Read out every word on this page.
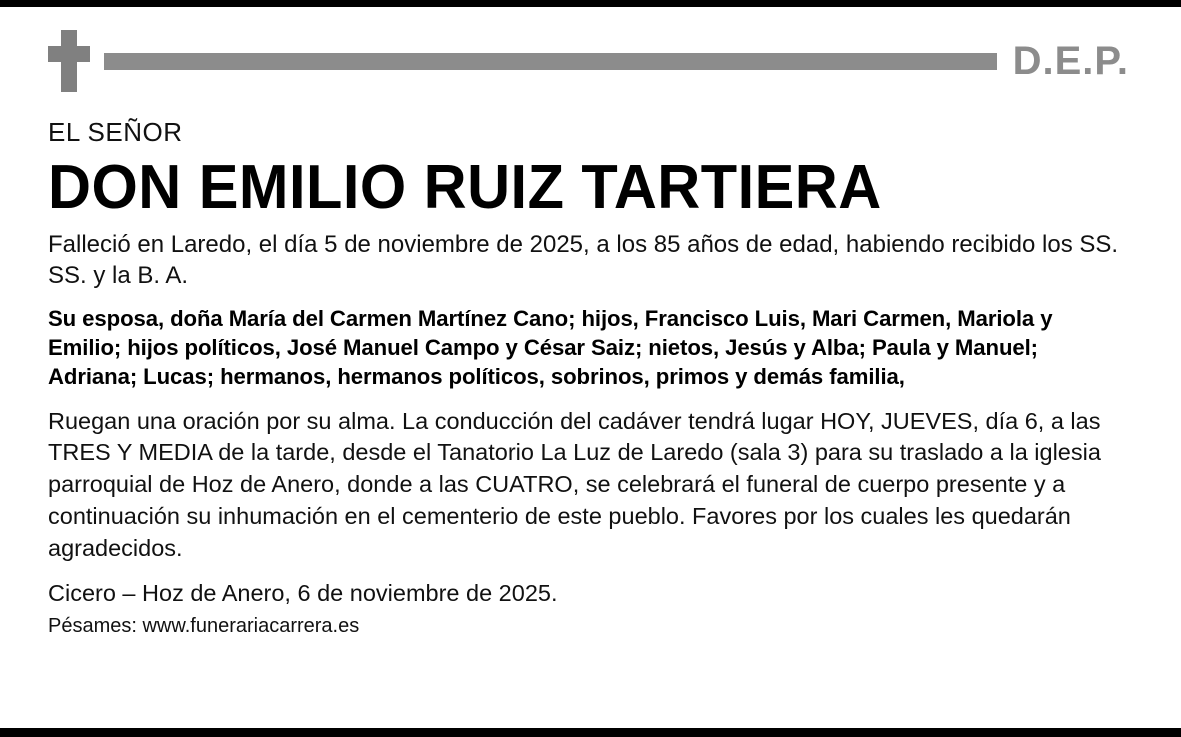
D.E.P.
EL SEÑOR
DON EMILIO RUIZ TARTIERA
Falleció en Laredo, el día 5 de noviembre de 2025, a los 85 años de edad, habiendo recibido los SS. SS. y la B. A.
Su esposa, doña María del Carmen Martínez Cano; hijos, Francisco Luis, Mari Carmen, Mariola y Emilio; hijos políticos, José Manuel Campo y César Saiz; nietos, Jesús y Alba; Paula y Manuel; Adriana; Lucas; hermanos, hermanos políticos, sobrinos, primos y demás familia,
Ruegan una oración por su alma. La conducción del cadáver tendrá lugar HOY, JUEVES, día 6, a las TRES Y MEDIA de la tarde, desde el Tanatorio La Luz de Laredo (sala 3) para su traslado a la iglesia parroquial de Hoz de Anero, donde a las CUATRO, se celebrará el funeral de cuerpo presente y a continuación su inhumación en el cementerio de este pueblo. Favores por los cuales les quedarán agradecidos.
Cicero – Hoz de Anero, 6 de noviembre de 2025.
Pésames: www.funerariacarrera.es
